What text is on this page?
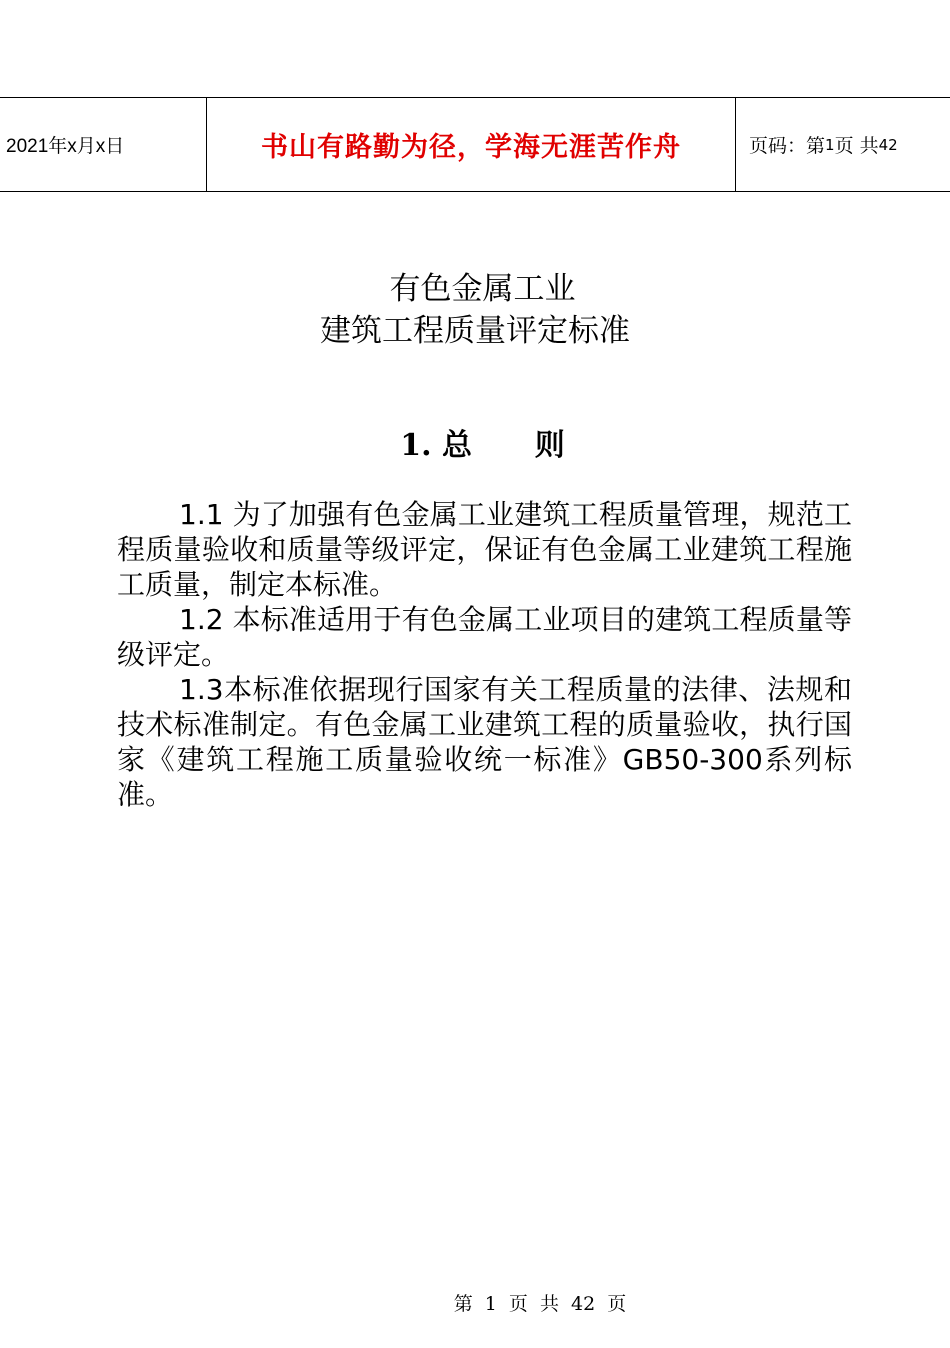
2021年x月x日	书山有路勤为径，学海无涯苦作舟	页码：第 1 页 共 42
有色金属工业
建筑工程质量评定标准
1. 总      则

1.1 为了加强有色金属工业建筑工程质量管理，规范工程质量验收和质量等级评定，保证有色金属工业建筑工程施工质量，制定本标准。

1.2 本标准适用于有色金属工业项目的建筑工程质量等级评定。

1.3本标准依据现行国家有关工程质量的法律、法规和技术标准制定。有色金属工业建筑工程的质量验收，执行国家《建筑工程施工质量验收统一标准》GB50-300系列标准。

第 1 页 共 42 页
